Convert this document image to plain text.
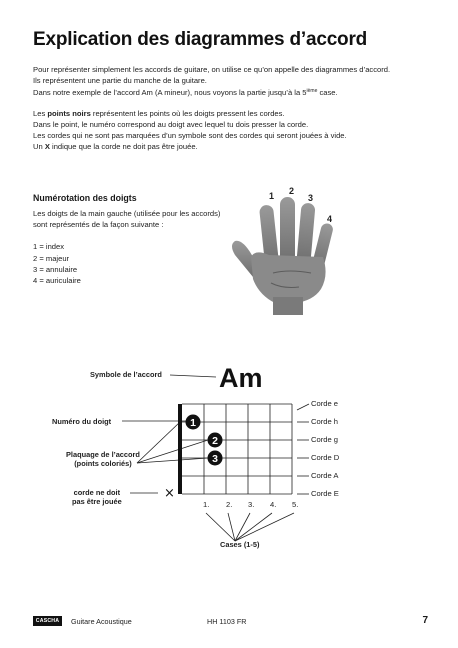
Explication des diagrammes d’accord

Pour représenter simplement les accords de guitare, on utilise ce qu’on appelle des diagrammes d’accord.

Ils représentent une partie du manche de la guitare.

Dans notre exemple de l’accord Am (A mineur), nous voyons la partie jusqu’à la 5ième case.

Les points noirs représentent les points où les doigts pressent les cordes.

Dans le point, le numéro correspond au doigt avec lequel tu dois presser la corde.

Les cordes qui ne sont pas marquées d’un symbole sont des cordes qui seront jouées à vide.

Un X indique que la corde ne doit pas être jouée.

Numérotation des doigts

Les doigts de la main gauche (utilisée pour les accords)

sont représentés de la façon suivante :

1 = index

2 = majeur

3 = annulaire

4 = auriculaire

1 2
3
4
Symbole de l’accord Am
Numéro du doigt
Plaquage de l’accord
(points coloriés)
corde ne doit
pas être jouée
Cases (1-5)
Corde e
Corde h
Corde g
Corde D
Corde A
Corde E
1. 2. 3. 4. 5.
1
3
2
×
CASCHA	Guitare Acoustique	HH 1103 FR	7
